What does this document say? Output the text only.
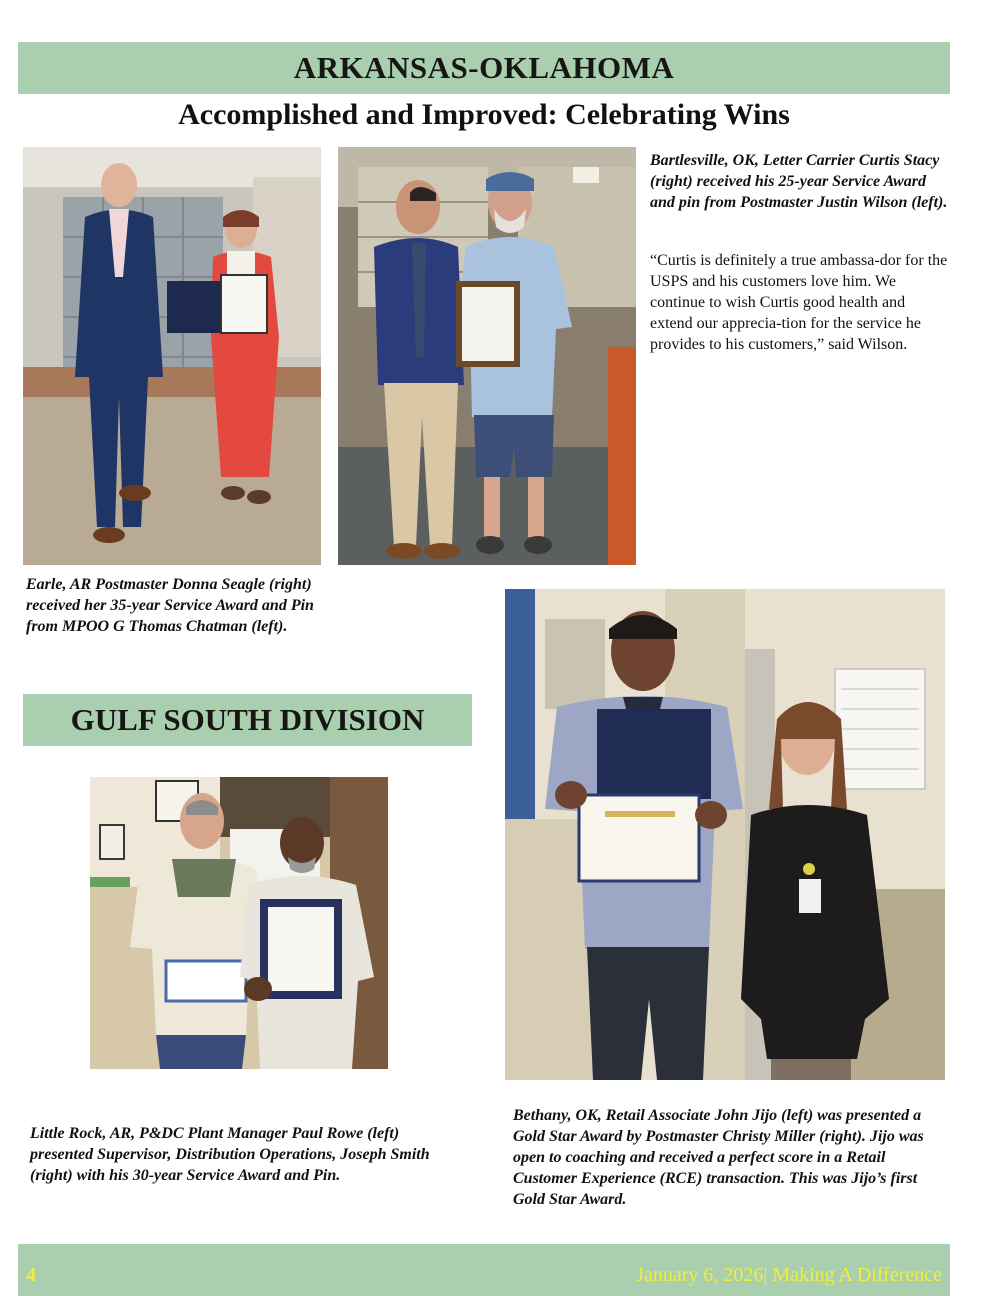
ARKANSAS-OKLAHOMA
Accomplished and Improved: Celebrating Wins
Bartlesville, OK, Letter Carrier Curtis Stacy (right) received his 25-year Service Award and pin from Postmaster Justin Wilson (left).
“Curtis is definitely a true ambassa-dor for the USPS and his customers love him. We continue to wish Curtis good health and extend our apprecia-tion for the service he provides to his customers,” said Wilson.
Earle, AR Postmaster Donna Seagle (right) received her 35-year Service Award and Pin from MPOO G Thomas Chatman (left).
GULF SOUTH DIVISION
Bethany, OK, Retail Associate John Jijo (left) was presented a Gold Star Award by Postmaster Christy Miller (right). Jijo was open to coaching and received a perfect score in a Retail Customer Experience (RCE) transaction. This was Jijo’s first Gold Star Award.
Little Rock, AR, P&DC Plant Manager Paul Rowe (left) presented Supervisor, Distribution Operations, Joseph Smith (right) with his 30-year Service Award and Pin.
4	January 6, 2026| Making A Difference
